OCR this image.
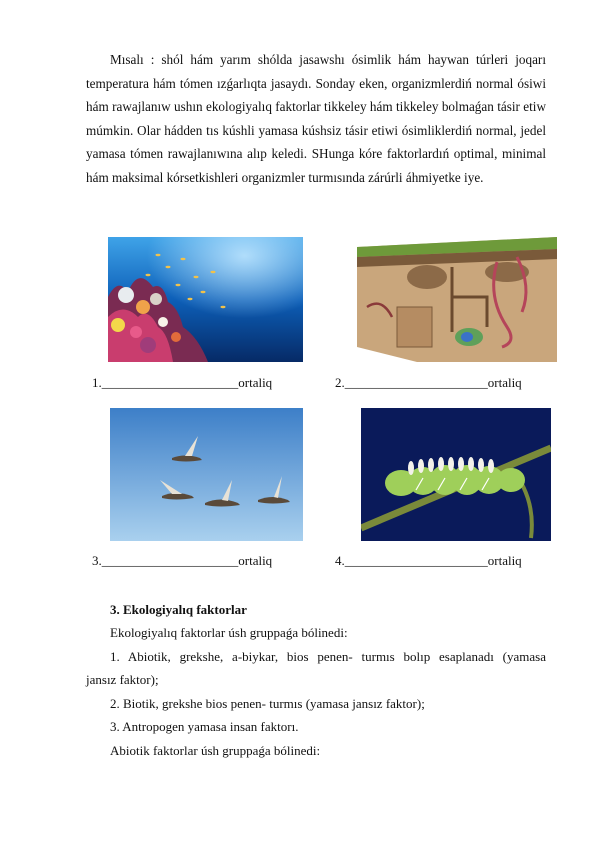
Mısalı : shól hám yarım shólda jasawshı ósimlik hám haywan túrleri joqarı temperatura hám tómen ızǵarlıqta jasaydı. Sonday eken, organizmlerdiń normal ósiwi hám rawajlanıw ushın ekologiyalıq faktorlar tikkeley hám tikkeley bolmaǵan tásir etiw múmkin. Olar hádden tıs kúshli yamasa kúshsiz tásir etiwi ósimliklerdiń normal, jedel yamasa tómen rawajlanıwına alıp keledi. SHunga kóre faktorlardıń optimal, minimal hám maksimal kórsetkishleri organizmler turmısında zárúrli áhmiyetke iye.

1._____________________ortaliq	2.______________________ortaliq
3._____________________ortaliq	4.______________________ortaliq
3. Ekologiyalıq faktorlar
Ekologiyalıq faktorlar úsh gruppaǵa bólinedi:
1. Abiotik, grekshe, a-biykar, bios penen- turmıs bolıp esaplanadı (yamasa
jansız faktor);
2. Biotik, grekshe bios penen- turmıs (yamasa jansız faktor);
3. Antropogen yamasa insan faktorı.
Abiotik faktorlar úsh gruppaǵa bólinedi:
